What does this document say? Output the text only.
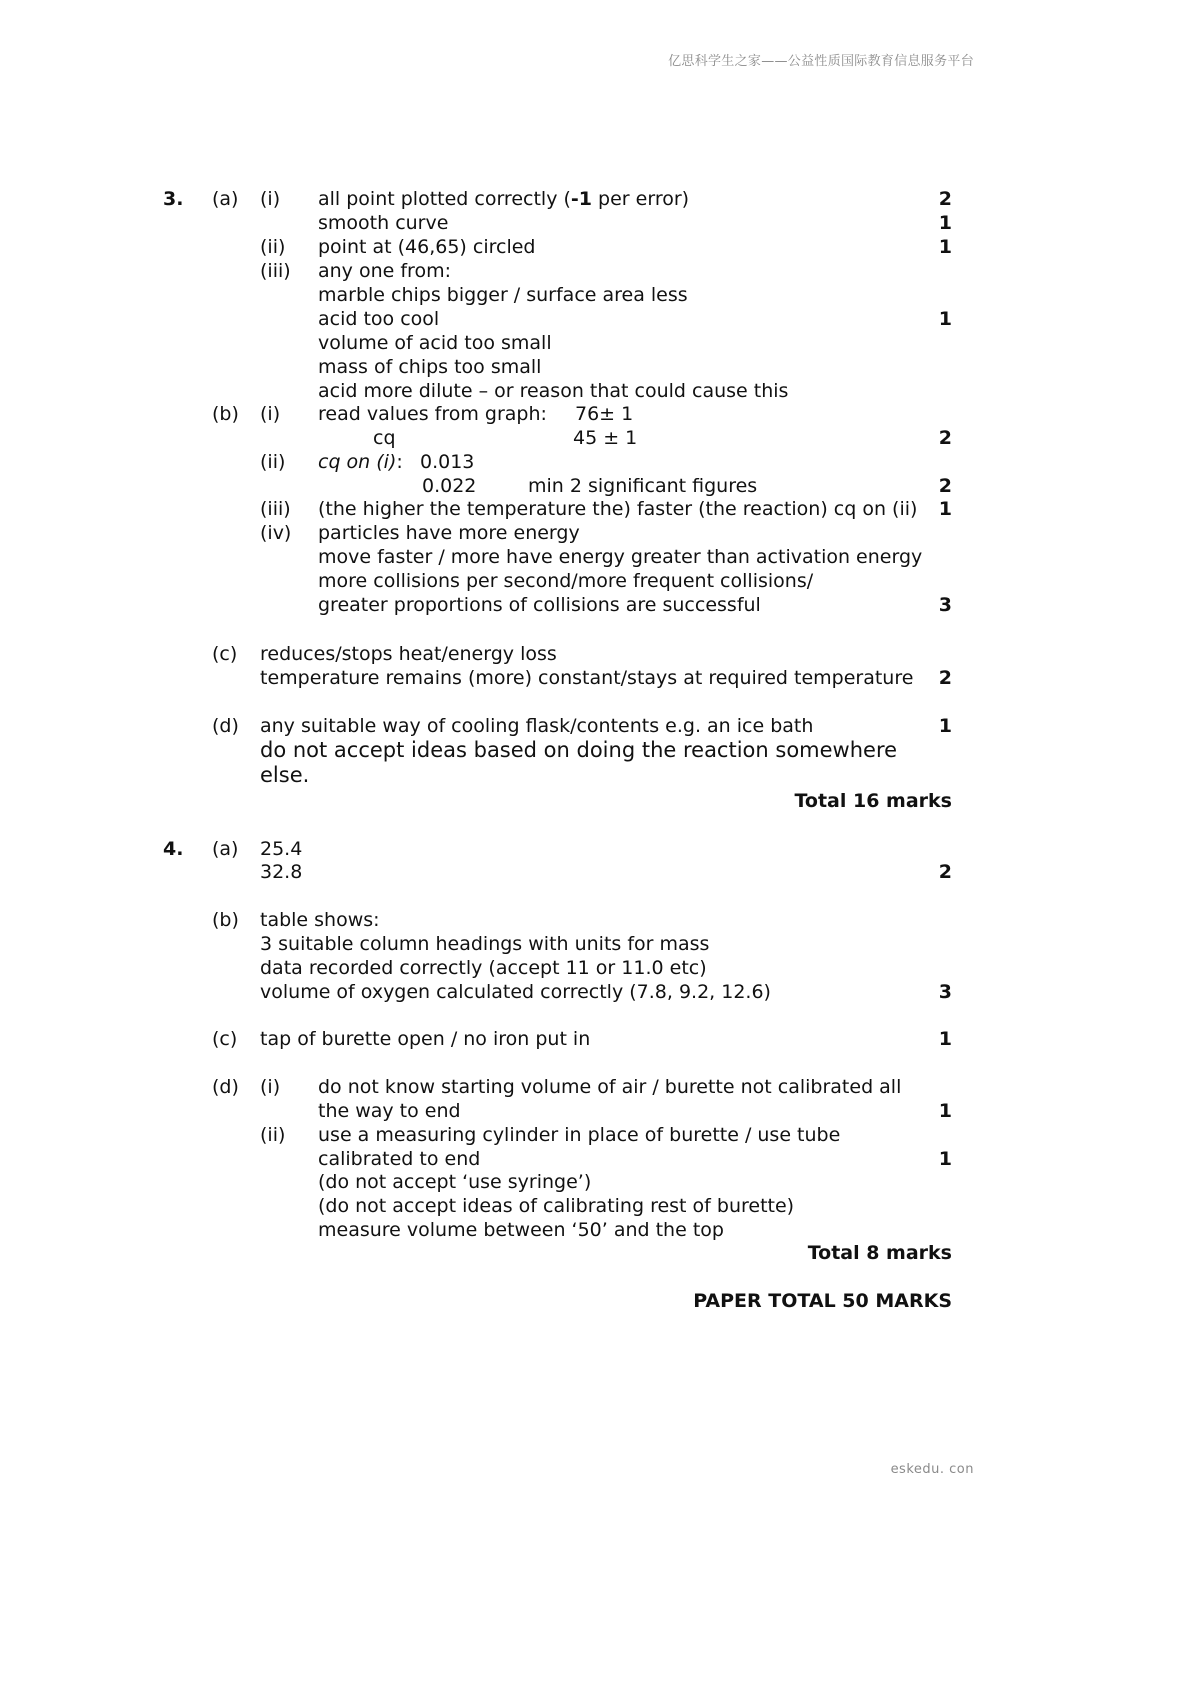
亿思科学生之家——公益性质国际教育信息服务平台
3. (a) (i) all point plotted correctly (-1 per error)	2
smooth curve	1
(ii) point at (46,65) circled	1
(iii) any one from:
marble chips bigger / surface area less
acid too cool	1
volume of acid too small
mass of chips too small
acid more dilute – or reason that could cause this
(b) (i) read values from graph: 76± 1
cq	45 ± 1	2
(ii) cq on (i): 0.013
0.022	min 2 significant figures	2
(iii) (the higher the temperature the) faster (the reaction) cq on (ii) 1
(iv) particles have more energy
move faster / more have energy greater than activation energy
more collisions per second/more frequent collisions/
greater proportions of collisions are successful	3
(c) reduces/stops heat/energy loss
temperature remains (more) constant/stays at required temperature 2
(d) any suitable way of cooling flask/contents e.g. an ice bath	1
do not accept ideas based on doing the reaction somewhere
else.
Total 16 marks
4. (a) 25.4
32.8	2
(b) table shows:
3 suitable column headings with units for mass
data recorded correctly (accept 11 or 11.0 etc)
volume of oxygen calculated correctly (7.8, 9.2, 12.6)	3
(c) tap of burette open / no iron put in	1
(d) (i) do not know starting volume of air / burette not calibrated all
the way to end	1
(ii) use a measuring cylinder in place of burette / use tube
calibrated to end	1
(do not accept ‘use syringe’)
(do not accept ideas of calibrating rest of burette)
measure volume between ‘50’ and the top
Total 8 marks
PAPER TOTAL 50 MARKS
eskedu. con
